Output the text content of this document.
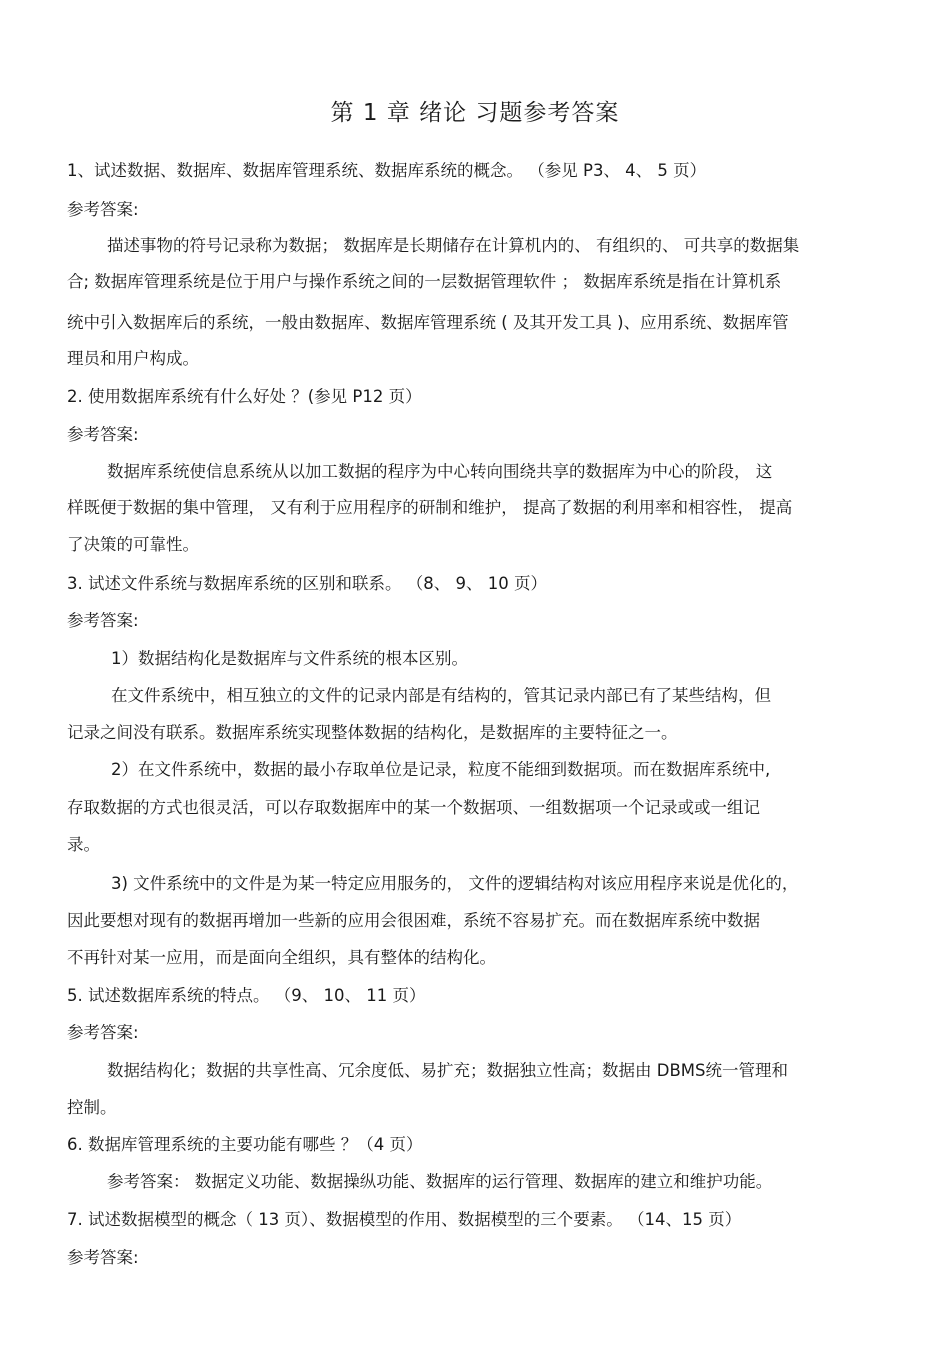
第 1 章 绪论 习题参考答案
1、试述数据、数据库、数据库管理系统、数据库系统的概念。 （参见 P3、 4、 5 页）
参考答案:
描述事物的符号记录称为数据； 数据库是长期储存在计算机内的、 有组织的、 可共享的数据集
合; 数据库管理系统是位于用户与操作系统之间的一层数据管理软件 ； 数据库系统是指在计算机系
统中引入数据库后的系统，一般由数据库、数据库管理系统 ( 及其开发工具 )、应用系统、数据库管
理员和用户构成。
2. 使用数据库系统有什么好处 ？(参见 P12 页）
参考答案:
数据库系统使信息系统从以加工数据的程序为中心转向围绕共享的数据库为中心的阶段， 这
样既便于数据的集中管理， 又有利于应用程序的研制和维护， 提高了数据的利用率和相容性， 提高
了决策的可靠性。
3. 试述文件系统与数据库系统的区别和联系。 （8、 9、 10 页）
参考答案:
1）数据结构化是数据库与文件系统的根本区别。
在文件系统中，相互独立的文件的记录内部是有结构的，管其记录内部已有了某些结构，但
记录之间没有联系。数据库系统实现整体数据的结构化，是数据库的主要特征之一。
2）在文件系统中，数据的最小存取单位是记录，粒度不能细到数据项。而在数据库系统中,
存取数据的方式也很灵活，可以存取数据库中的某一个数据项、一组数据项一个记录或或一组记
录。
3) 文件系统中的文件是为某一特定应用服务的， 文件的逻辑结构对该应用程序来说是优化的，
因此要想对现有的数据再增加一些新的应用会很困难，系统不容易扩充。而在数据库系统中数据
不再针对某一应用，而是面向全组织，具有整体的结构化。
5. 试述数据库系统的特点。 （9、 10、 11 页）
参考答案:
数据结构化；数据的共享性高、冗余度低、易扩充；数据独立性高；数据由 DBMS统一管理和
控制。
6. 数据库管理系统的主要功能有哪些 ？（4 页）
参考答案： 数据定义功能、数据操纵功能、数据库的运行管理、数据库的建立和维护功能。
7. 试述数据模型的概念（ 13 页）、数据模型的作用、数据模型的三个要素。 （14、15 页）
参考答案:
